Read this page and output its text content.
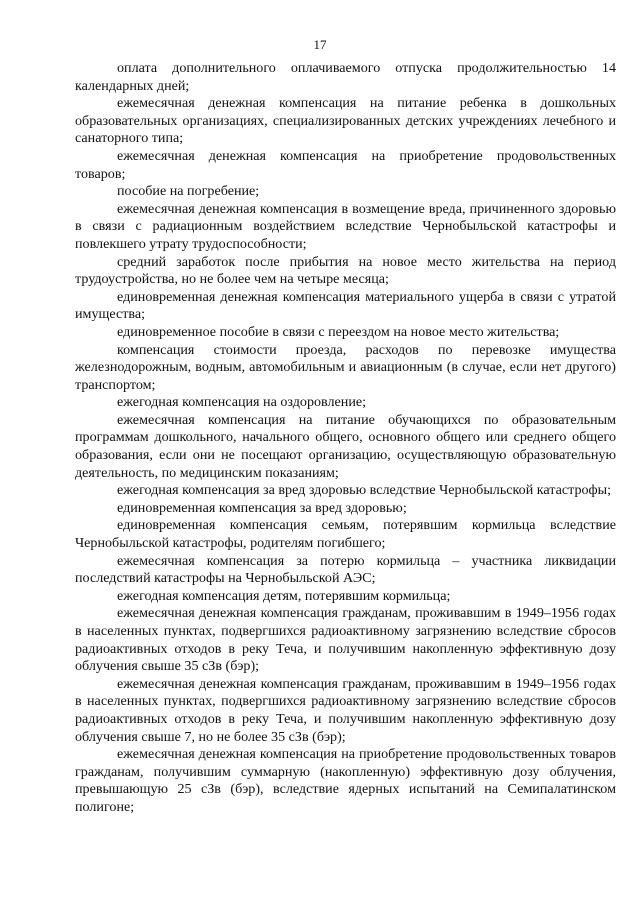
17

оплата дополнительного оплачиваемого отпуска продолжительностью 14 календарных дней;

ежемесячная денежная компенсация на питание ребенка в дошкольных образовательных организациях, специализированных детских учреждениях лечебного и санаторного типа;

ежемесячная денежная компенсация на приобретение продовольственных товаров;

пособие на погребение;

ежемесячная денежная компенсация в возмещение вреда, причиненного здоровью в связи с радиационным воздействием вследствие Чернобыльской катастрофы и повлекшего утрату трудоспособности;

средний заработок после прибытия на новое место жительства на период трудоустройства, но не более чем на четыре месяца;

единовременная денежная компенсация материального ущерба в связи с утратой имущества;

единовременное пособие в связи с переездом на новое место жительства;

компенсация стоимости проезда, расходов по перевозке имущества железнодорожным, водным, автомобильным и авиационным (в случае, если нет другого) транспортом;

ежегодная компенсация на оздоровление;

ежемесячная компенсация на питание обучающихся по образовательным программам дошкольного, начального общего, основного общего или среднего общего образования, если они не посещают организацию, осуществляющую образовательную деятельность, по медицинским показаниям;

ежегодная компенсация за вред здоровью вследствие Чернобыльской катастрофы;

единовременная компенсация за вред здоровью;

единовременная компенсация семьям, потерявшим кормильца вследствие Чернобыльской катастрофы, родителям погибшего;

ежемесячная компенсация за потерю кормильца – участника ликвидации последствий катастрофы на Чернобыльской АЭС;

ежегодная компенсация детям, потерявшим кормильца;

ежемесячная денежная компенсация гражданам, проживавшим в 1949–1956 годах в населенных пунктах, подвергшихся радиоактивному загрязнению вследствие сбросов радиоактивных отходов в реку Теча, и получившим накопленную эффективную дозу облучения свыше 35 сЗв (бэр);

ежемесячная денежная компенсация гражданам, проживавшим в 1949–1956 годах в населенных пунктах, подвергшихся радиоактивному загрязнению вследствие сбросов радиоактивных отходов в реку Теча, и получившим накопленную эффективную дозу облучения свыше 7, но не более 35 сЗв (бэр);

ежемесячная денежная компенсация на приобретение продовольственных товаров гражданам, получившим суммарную (накопленную) эффективную дозу облучения, превышающую 25 сЗв (бэр), вследствие ядерных испытаний на Семипалатинском полигоне;
